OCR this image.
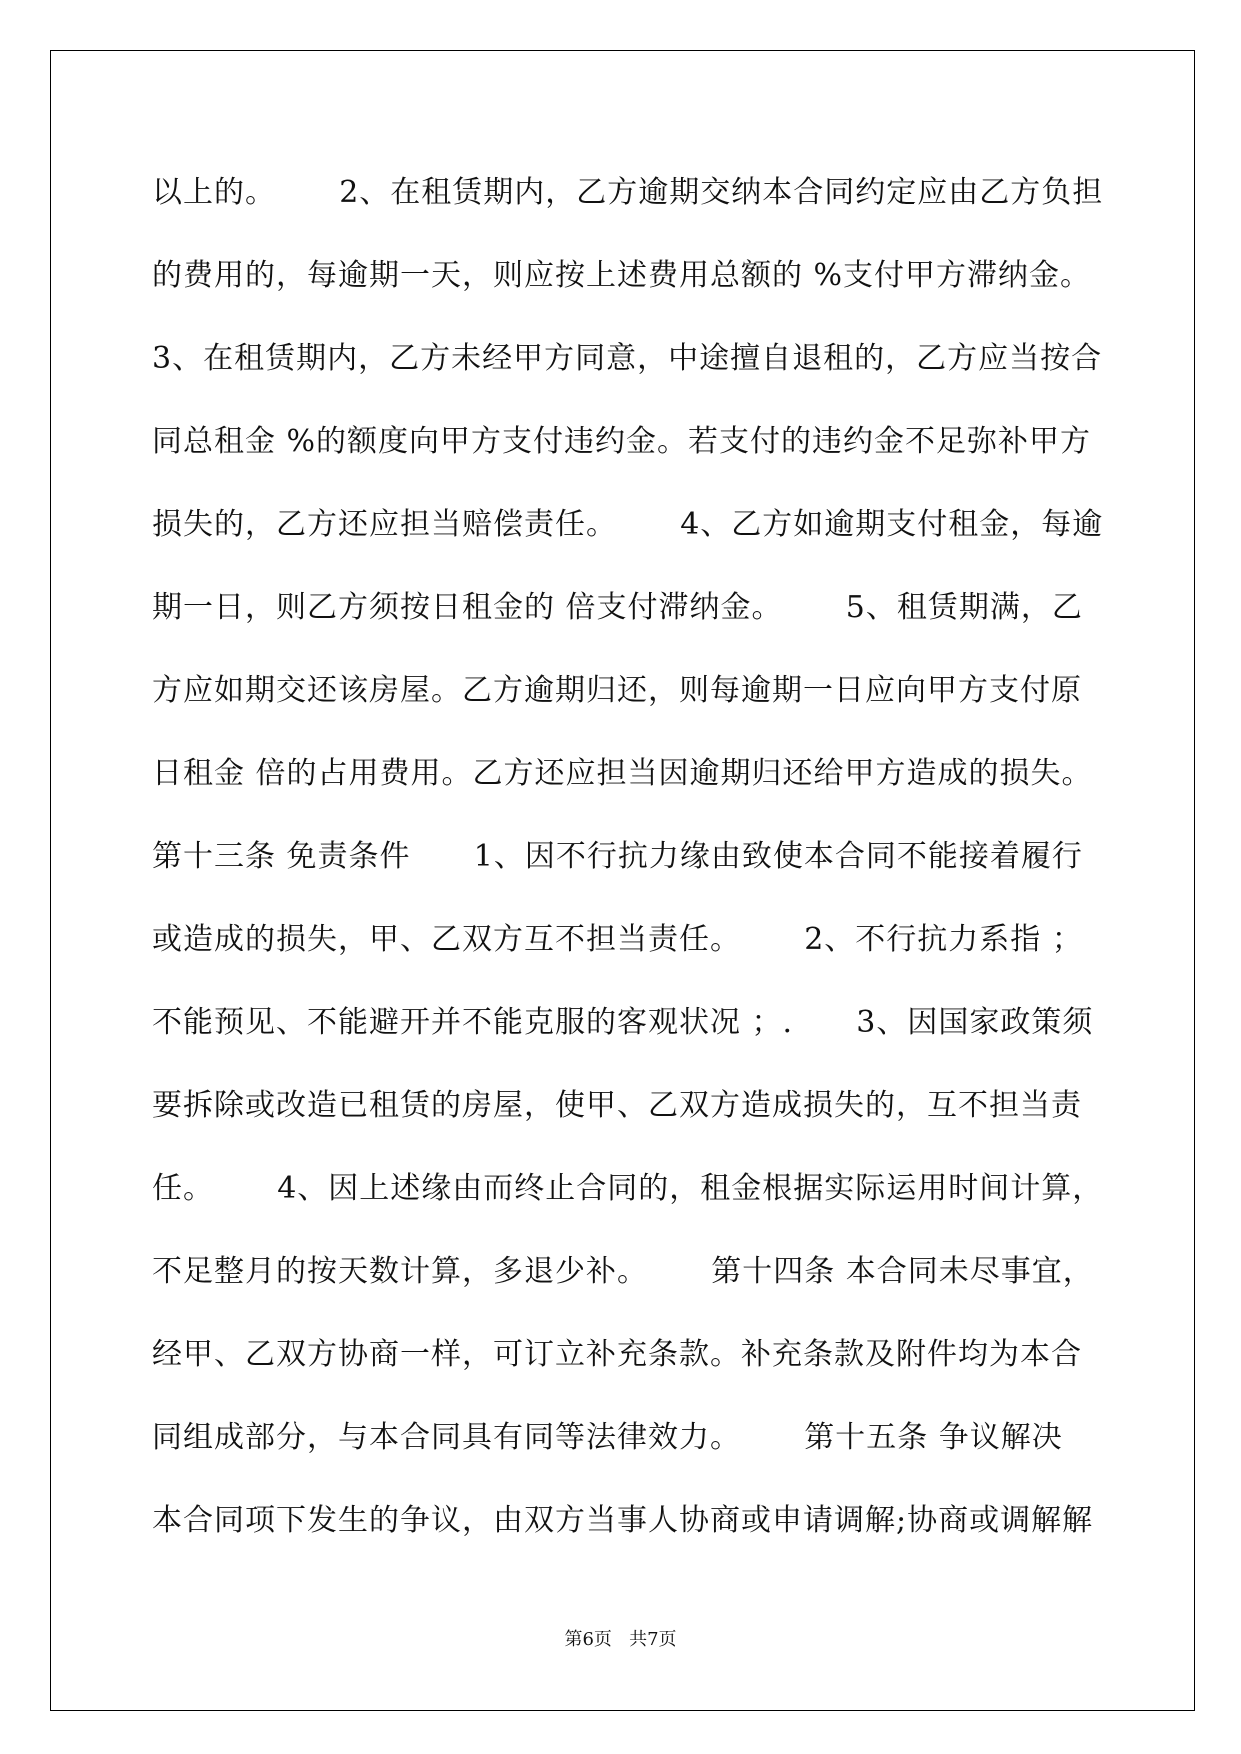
以上的。      2、在租赁期内，乙方逾期交纳本合同约定应由乙方负担
的费用的，每逾期一天，则应按上述费用总额的 %支付甲方滞纳金。
3、在租赁期内，乙方未经甲方同意，中途擅自退租的，乙方应当按合
同总租金 %的额度向甲方支付违约金。若支付的违约金不足弥补甲方
损失的，乙方还应担当赔偿责任。      4、乙方如逾期支付租金，每逾
期一日，则乙方须按日租金的 倍支付滞纳金。      5、租赁期满，乙
方应如期交还该房屋。乙方逾期归还，则每逾期一日应向甲方支付原
日租金 倍的占用费用。乙方还应担当因逾期归还给甲方造成的损失。
第十三条 免责条件      1、因不行抗力缘由致使本合同不能接着履行
或造成的损失，甲、乙双方互不担当责任。      2、不行抗力系指 ；
不能预见、不能避开并不能克服的客观状况 ；.      3、因国家政策须
要拆除或改造已租赁的房屋，使甲、乙双方造成损失的，互不担当责
任。      4、因上述缘由而终止合同的，租金根据实际运用时间计算，
不足整月的按天数计算，多退少补。      第十四条 本合同未尽事宜，
经甲、乙双方协商一样，可订立补充条款。补充条款及附件均为本合
同组成部分，与本合同具有同等法律效力。      第十五条 争议解决
本合同项下发生的争议，由双方当事人协商或申请调解;协商或调解解
第6页   共7页
